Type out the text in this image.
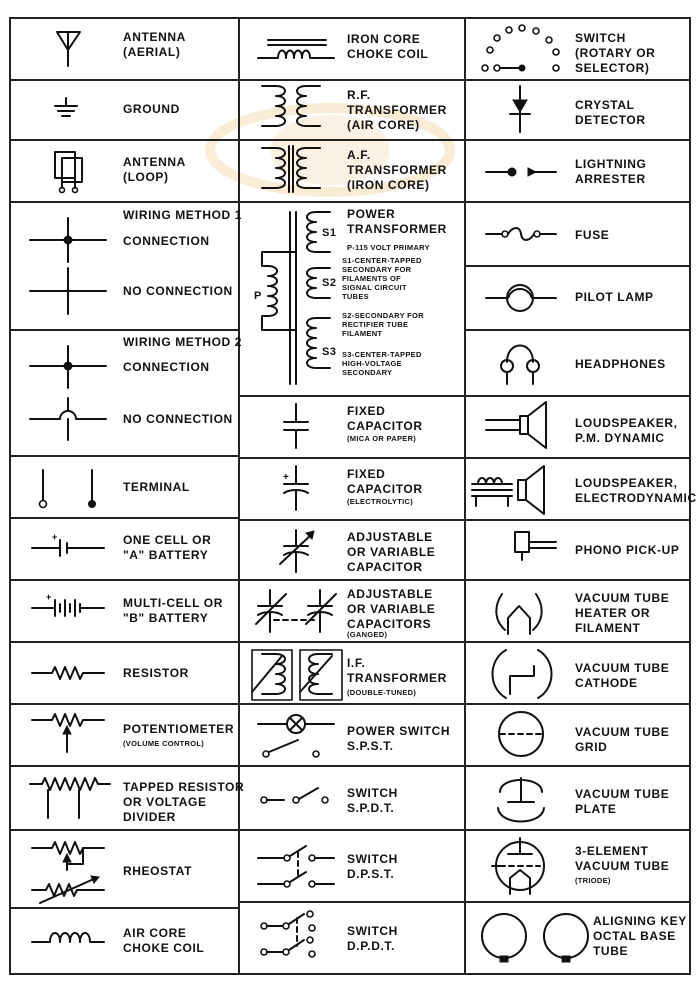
+
+
+
ANTENNA
(AERIAL)
GROUND
ANTENNA
(LOOP)
WIRING METHOD 1
CONNECTION
NO CONNECTION
WIRING METHOD 2
CONNECTION
NO CONNECTION
TERMINAL
ONE CELL OR
"A" BATTERY
MULTI-CELL OR
"B" BATTERY
RESISTOR
POTENTIOMETER
(VOLUME CONTROL)
TAPPED RESISTOR
OR VOLTAGE
DIVIDER
RHEOSTAT
AIR CORE
CHOKE COIL
IRON CORE
CHOKE COIL
R.F.
TRANSFORMER
(AIR CORE)
A.F.
TRANSFORMER
(IRON CORE)
POWER
TRANSFORMER
P-115 VOLT PRIMARY
S1-CENTER-TAPPED
SECONDARY FOR
FILAMENTS OF
SIGNAL CIRCUIT
TUBES
S2-SECONDARY FOR
RECTIFIER TUBE
FILAMENT
S3-CENTER-TAPPED
HIGH-VOLTAGE
SECONDARY
P
S1
S2
S3
FIXED
CAPACITOR
(MICA OR PAPER)
FIXED
CAPACITOR
(ELECTROLYTIC)
ADJUSTABLE
OR VARIABLE
CAPACITOR
ADJUSTABLE
OR VARIABLE
CAPACITORS
(GANGED)
I.F.
TRANSFORMER
(DOUBLE-TUNED)
POWER SWITCH
S.P.S.T.
SWITCH
S.P.D.T.
SWITCH
D.P.S.T.
SWITCH
D.P.D.T.
SWITCH
(ROTARY OR
SELECTOR)
CRYSTAL
DETECTOR
LIGHTNING
ARRESTER
FUSE
PILOT LAMP
HEADPHONES
LOUDSPEAKER,
P.M. DYNAMIC
LOUDSPEAKER,
ELECTRODYNAMIC
PHONO PICK-UP
VACUUM TUBE
HEATER OR
FILAMENT
VACUUM TUBE
CATHODE
VACUUM TUBE
GRID
VACUUM TUBE
PLATE
3-ELEMENT
VACUUM TUBE
(TRIODE)
ALIGNING KEY
OCTAL BASE
TUBE
